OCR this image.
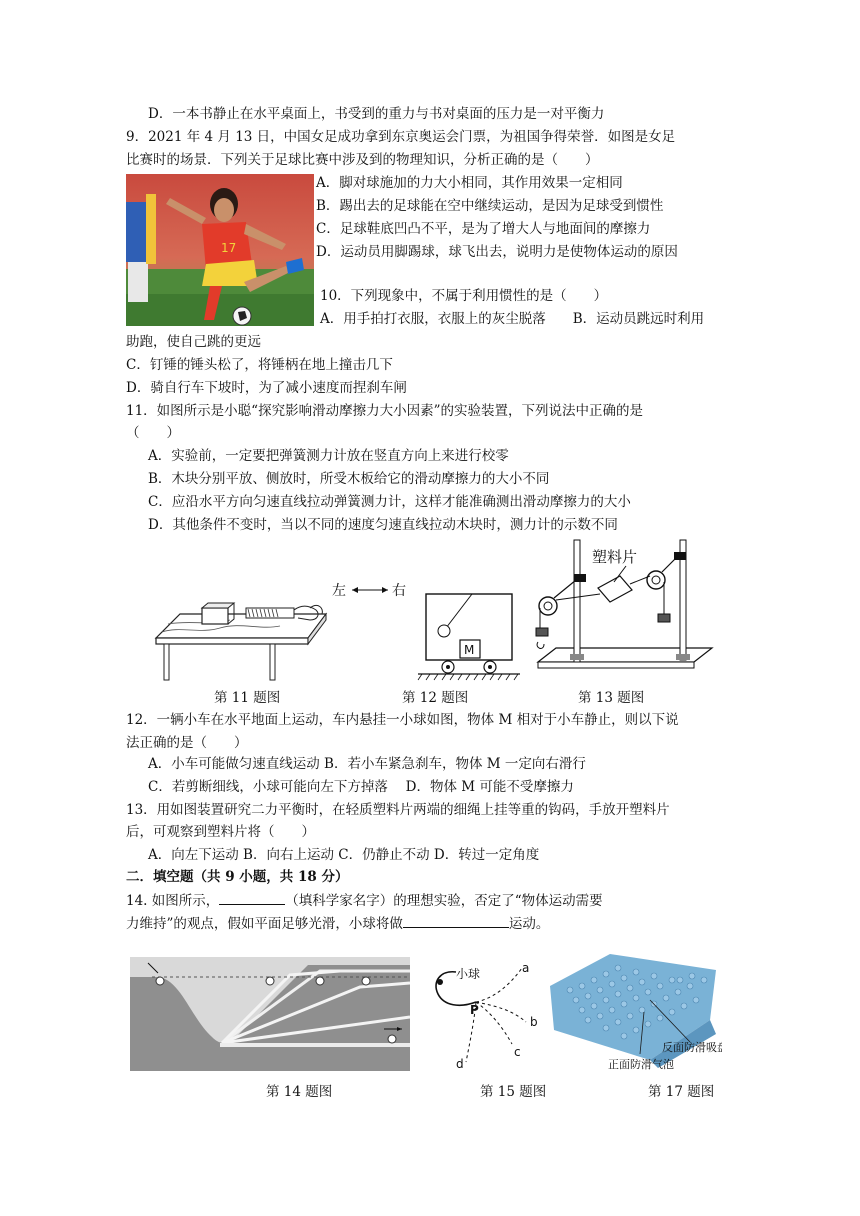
D．一本书静止在水平桌面上，书受到的重力与书对桌面的压力是一对平衡力
9．2021 年 4 月 13 日，中国女足成功拿到东京奥运会门票，为祖国争得荣誉．如图是女足
比赛时的场景．下列关于足球比赛中涉及到的物理知识，分析正确的是（　　）
17
A．脚对球施加的力大小相同，其作用效果一定相同
B．踢出去的足球能在空中继续运动，是因为足球受到惯性
C．足球鞋底凹凸不平，是为了增大人与地面间的摩擦力
D．运动员用脚踢球，球飞出去，说明力是使物体运动的原因
10．下列现象中，不属于利用惯性的是（　　）
A．用手拍打衣服，衣服上的灰尘脱落　　B．运动员跳远时利用
助跑，使自己跳的更远
C．钉锤的锤头松了，将锤柄在地上撞击几下
D．骑自行车下坡时，为了减小速度而捏刹车闸
11．如图所示是小聪“探究影响滑动摩擦力大小因素”的实验装置，下列说法中正确的是
（　　）
A．实验前，一定要把弹簧测力计放在竖直方向上来进行校零
B．木块分别平放、侧放时，所受木板给它的滑动摩擦力的大小不同
C．应沿水平方向匀速直线拉动弹簧测力计，这样才能准确测出滑动摩擦力的大小
D．其他条件不变时，当以不同的速度匀速直线拉动木块时，测力计的示数不同
左	右
M
塑料片
第 11 题图	第 12 题图	第 13 题图
12．一辆小车在水平地面上运动，车内悬挂一小球如图，物体 M 相对于小车静止，则以下说
法正确的是（　　）
A．小车可能做匀速直线运动 B．若小车紧急刹车，物体 M 一定向右滑行
C．若剪断细线，小球可能向左下方掉落　 D．物体 M 可能不受摩擦力
13．用如图装置研究二力平衡时，在轻质塑料片两端的细绳上挂等重的钩码，手放开塑料片
后，可观察到塑料片将（　　）
A．向左下运动 B．向右上运动 C．仍静止不动 D．转过一定角度
二．填空题（共 9 小题，共 18 分）
14. 如图所示，	（填科学家名字）的理想实验，否定了“物体运动需要
力维持”的观点，假如平面足够光滑，小球将做	运动。
小球
P
a
b
c
d
反面防滑吸盘
正面防滑气泡
第 14 题图	第 15 题图	第 17 题图
